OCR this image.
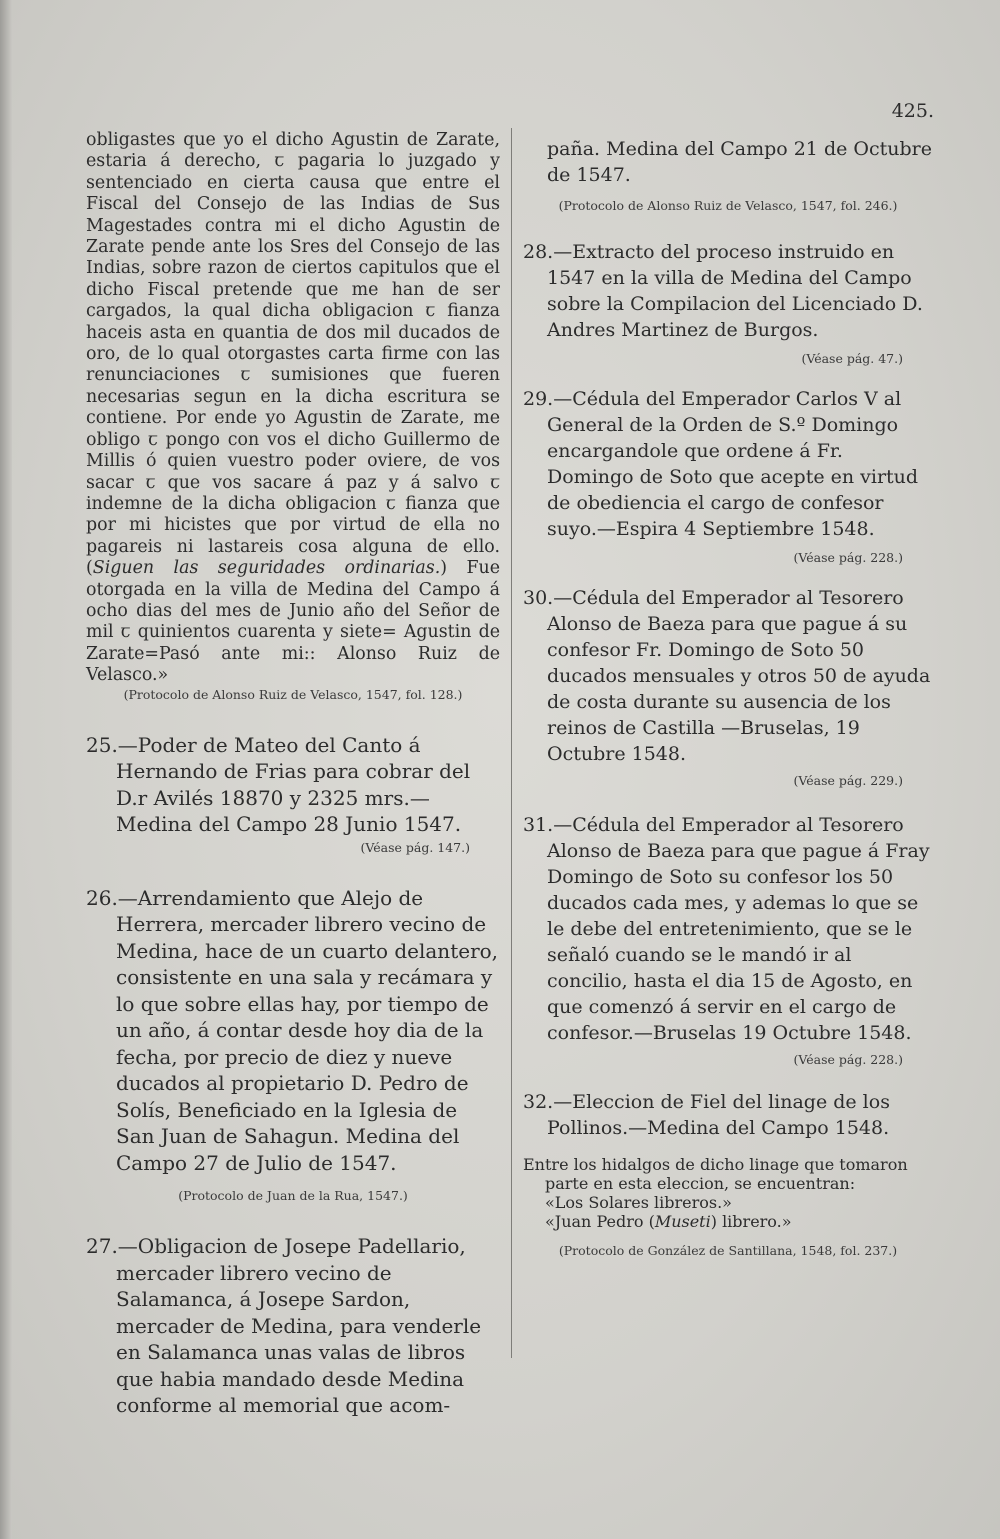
425.

obligastes que yo el dicho Agustin de Zarate, estaria á derecho, ꞇ pagaria lo juzgado y sentenciado en cierta causa que entre el Fiscal del Consejo de las Indias de Sus Magestades contra mi el dicho Agustin de Zarate pende ante los Sres del Consejo de las Indias, sobre razon de ciertos capitulos que el dicho Fiscal pretende que me han de ser cargados, la qual dicha obligacion ꞇ fianza haceis asta en quantia de dos mil ducados de oro, de lo qual otorgastes carta firme con las renunciaciones ꞇ sumisiones que fueren necesarias segun en la dicha escritura se contiene. Por ende yo Agustin de Zarate, me obligo ꞇ pongo con vos el dicho Guillermo de Millis ó quien vuestro poder oviere, de vos sacar ꞇ que vos sacare á paz y á salvo ꞇ indemne de la dicha obligacion ꞇ fianza que por mi hicistes que por virtud de ella no pagareis ni lastareis cosa alguna de ello. (Siguen las seguridades ordinarias.) Fue otorgada en la villa de Medina del Campo á ocho dias del mes de Junio año del Señor de mil ꞇ quinientos cuarenta y siete= Agustin de Zarate=Pasó ante mi:: Alonso Ruiz de Velasco.»

(Protocolo de Alonso Ruiz de Velasco, 1547, fol. 128.)

25.—Poder de Mateo del Canto á Hernando de Frias para cobrar del D.r Avilés 18870 y 2325 mrs.—Medina del Campo 28 Junio 1547.

(Véase pág. 147.)

26.—Arrendamiento que Alejo de Herrera, mercader librero vecino de Medina, hace de un cuarto delantero, consistente en una sala y recámara y lo que sobre ellas hay, por tiempo de un año, á contar desde hoy dia de la fecha, por precio de diez y nueve ducados al propietario D. Pedro de Solís, Beneficiado en la Iglesia de San Juan de Sahagun. Medina del Campo 27 de Julio de 1547.

(Protocolo de Juan de la Rua, 1547.)

27.—Obligacion de Josepe Padellario, mercader librero vecino de Salamanca, á Josepe Sardon, mercader de Medina, para venderle en Salamanca unas valas de libros que habia mandado desde Medina conforme al memorial que acom-

paña. Medina del Campo 21 de Octubre de 1547.

(Protocolo de Alonso Ruiz de Velasco, 1547, fol. 246.)

28.—Extracto del proceso instruido en 1547 en la villa de Medina del Campo sobre la Compilacion del Licenciado D. Andres Martinez de Burgos.

(Véase pág. 47.)

29.—Cédula del Emperador Carlos V al General de la Orden de S.º Domingo encargandole que ordene á Fr. Domingo de Soto que acepte en virtud de obediencia el cargo de confesor suyo.—Espira 4 Septiembre 1548.

(Véase pág. 228.)

30.—Cédula del Emperador al Tesorero Alonso de Baeza para que pague á su confesor Fr. Domingo de Soto 50 ducados mensuales y otros 50 de ayuda de costa durante su ausencia de los reinos de Castilla —Bruselas, 19 Octubre 1548.

(Véase pág. 229.)

31.—Cédula del Emperador al Tesorero Alonso de Baeza para que pague á Fray Domingo de Soto su confesor los 50 ducados cada mes, y ademas lo que se le debe del entretenimiento, que se le señaló cuando se le mandó ir al concilio, hasta el dia 15 de Agosto, en que comenzó á servir en el cargo de confesor.—Bruselas 19 Octubre 1548.

(Véase pág. 228.)

32.—Eleccion de Fiel del linage de los Pollinos.—Medina del Campo 1548.

Entre los hidalgos de dicho linage que tomaron parte en esta eleccion, se encuentran:
«Los Solares libreros.»
«Juan Pedro (Museti) librero.»

(Protocolo de González de Santillana, 1548, fol. 237.)
